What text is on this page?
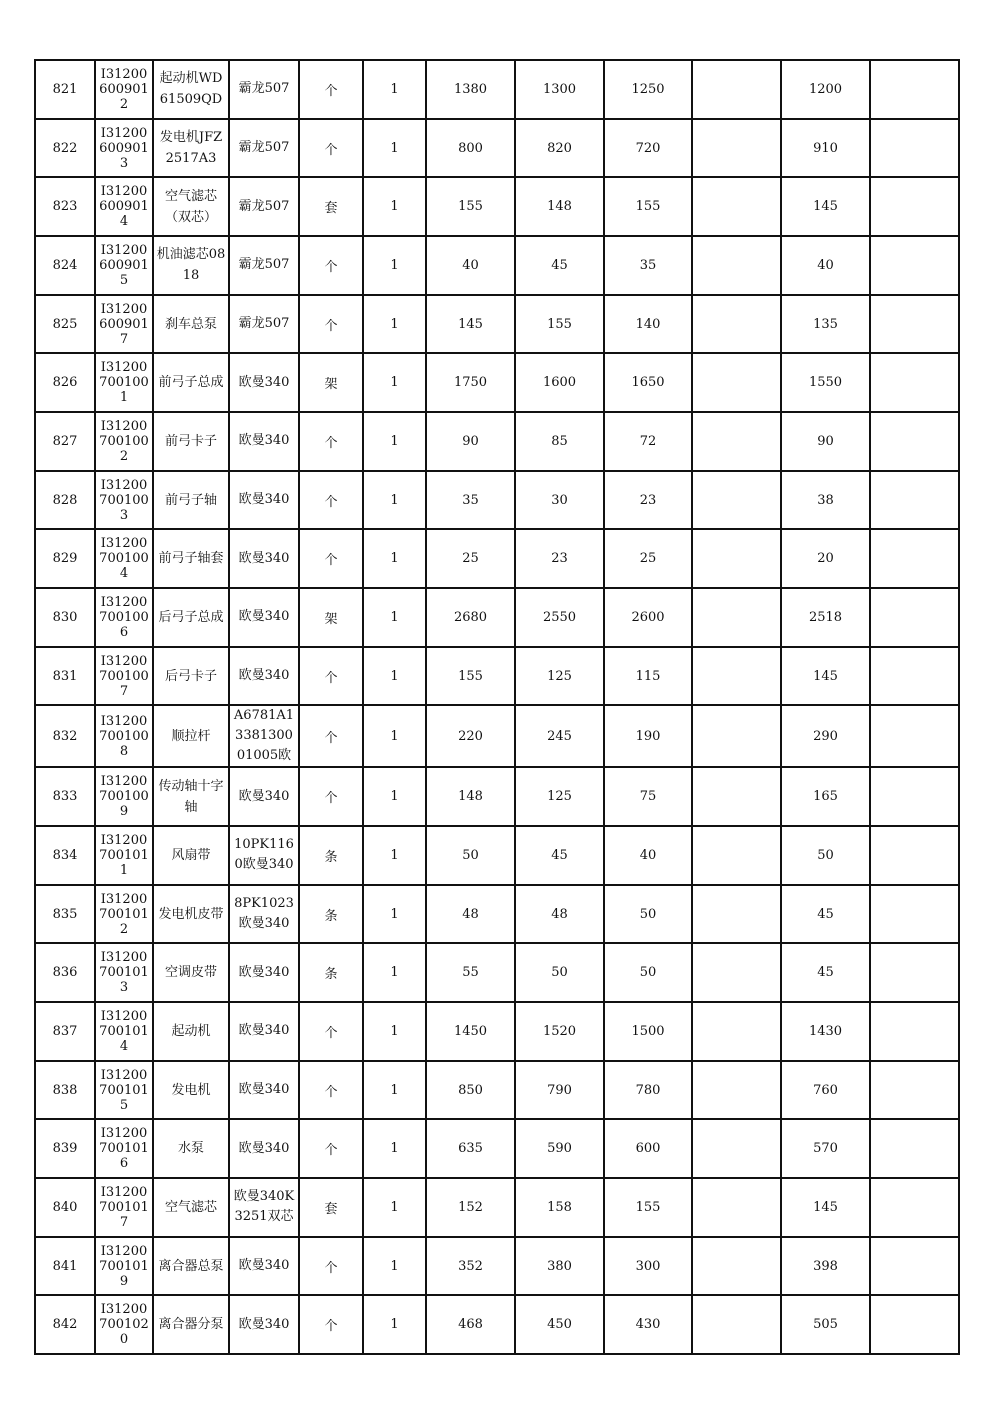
821	I312006009012	起动机WD61509QD	霸龙507	个	1	1380	1300	1250		1200	
822	I312006009013	发电机JFZ2517A3	霸龙507	个	1	800	820	720		910	
823	I312006009014	空气滤芯（双芯）	霸龙507	套	1	155	148	155		145	
824	I312006009015	机油滤芯0818	霸龙507	个	1	40	45	35		40	
825	I312006009017	刹车总泵	霸龙507	个	1	145	155	140		135	
826	I312007001001	前弓子总成	欧曼340	架	1	1750	1600	1650		1550	
827	I312007001002	前弓卡子	欧曼340	个	1	90	85	72		90	
828	I312007001003	前弓子轴	欧曼340	个	1	35	30	23		38	
829	I312007001004	前弓子轴套	欧曼340	个	1	25	23	25		20	
830	I312007001006	后弓子总成	欧曼340	架	1	2680	2550	2600		2518	
831	I312007001007	后弓卡子	欧曼340	个	1	155	125	115		145	
832	I312007001008	顺拉杆	A6781A1338130001005欧	个	1	220	245	190		290	
833	I312007001009	传动轴十字轴	欧曼340	个	1	148	125	75		165	
834	I312007001011	风扇带	10PK1160欧曼340	条	1	50	45	40		50	
835	I312007001012	发电机皮带	8PK1023欧曼340	条	1	48	48	50		45	
836	I312007001013	空调皮带	欧曼340	条	1	55	50	50		45	
837	I312007001014	起动机	欧曼340	个	1	1450	1520	1500		1430	
838	I312007001015	发电机	欧曼340	个	1	850	790	780		760	
839	I312007001016	水泵	欧曼340	个	1	635	590	600		570	
840	I312007001017	空气滤芯	欧曼340K3251双芯	套	1	152	158	155		145	
841	I312007001019	离合器总泵	欧曼340	个	1	352	380	300		398	
842	I312007001020	离合器分泵	欧曼340	个	1	468	450	430		505	
